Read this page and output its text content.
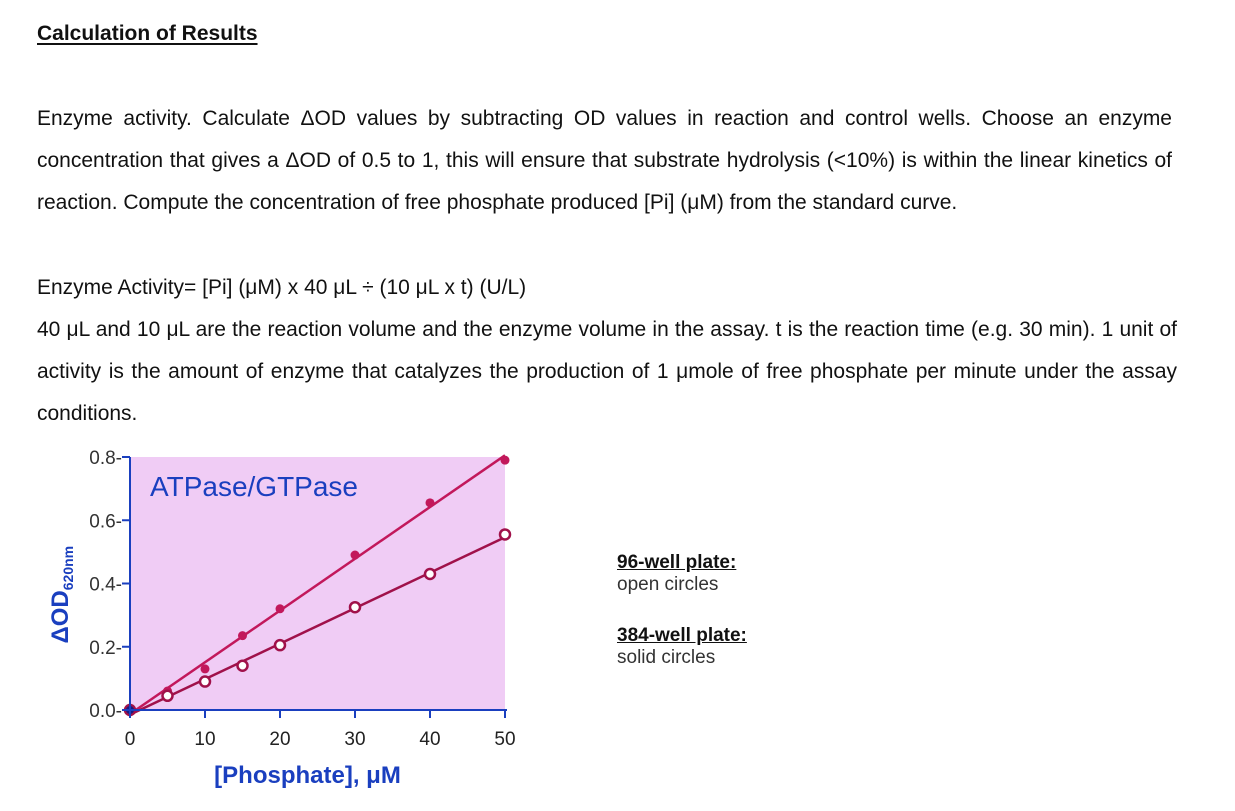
Calculation of Results

Enzyme activity. Calculate ΔOD values by subtracting OD values in reaction and control wells. Choose an enzyme concentration that gives a ΔOD of 0.5 to 1, this will ensure that substrate hydrolysis (<10%) is within the linear kinetics of reaction. Compute the concentration of free phosphate produced [Pi] (μM) from the standard curve.

Enzyme Activity= [Pi] (μM) x 40 μL ÷ (10 μL x t) (U/L)

40 μL and 10 μL are the reaction volume and the enzyme volume in the assay. t is the reaction time (e.g. 30 min). 1 unit of activity is the amount of enzyme that catalyzes the production of 1 μmole of free phosphate per minute under the assay conditions.

0.0-
0.2-
0.4-
0.6-
0.8-
0	10	20	30	40	50
ATPase/GTPase
[Phosphate], μM
ΔOD620nm	96-well plate:
open circles
384-well plate:
solid circles
